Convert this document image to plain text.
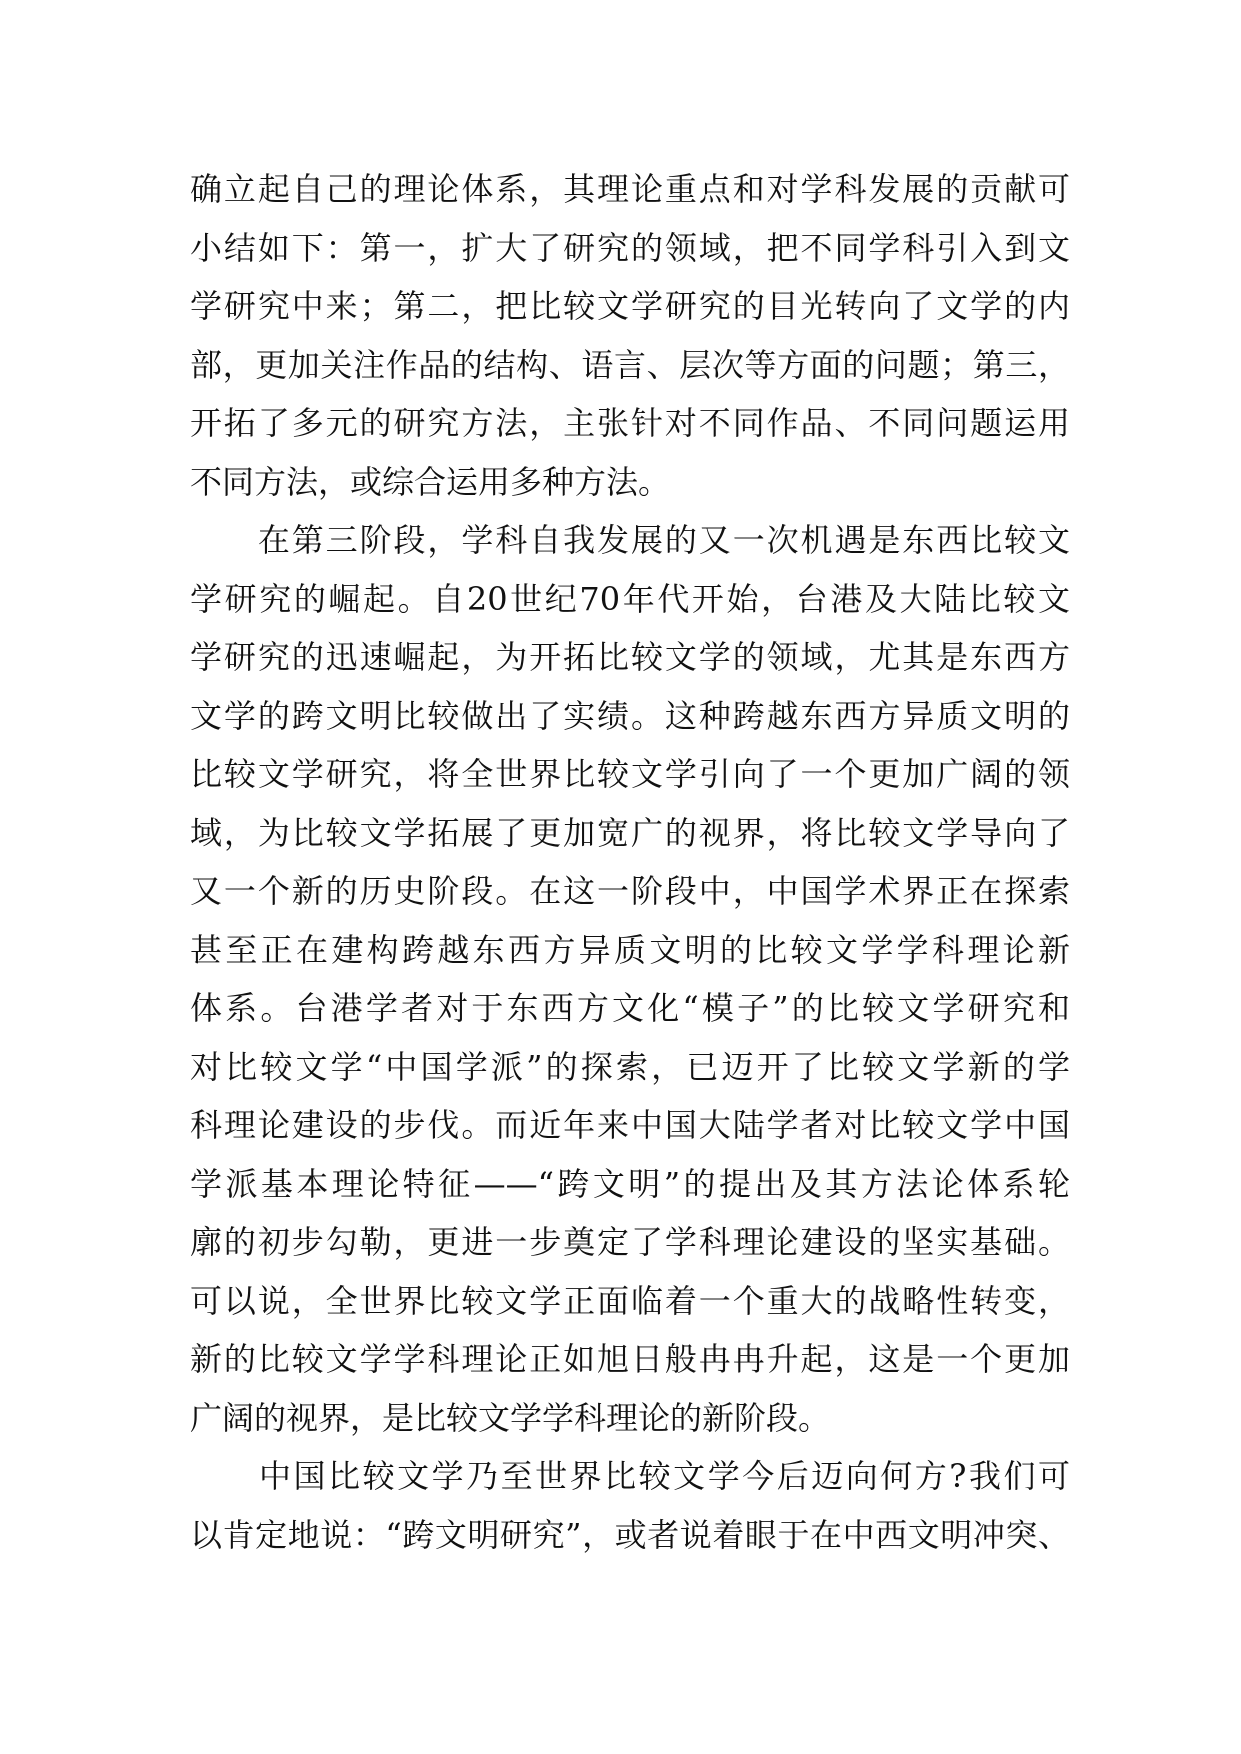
确立起自己的理论体系，其理论重点和对学科发展的贡献可
小结如下：第一，扩大了研究的领域，把不同学科引入到文
学研究中来；第二，把比较文学研究的目光转向了文学的内
部，更加关注作品的结构、语言、层次等方面的问题；第三，
开拓了多元的研究方法，主张针对不同作品、不同问题运用
不同方法，或综合运用多种方法。
　　在第三阶段，学科自我发展的又一次机遇是东西比较文
学研究的崛起。自20世纪70年代开始，台港及大陆比较文
学研究的迅速崛起，为开拓比较文学的领域，尤其是东西方
文学的跨文明比较做出了实绩。这种跨越东西方异质文明的
比较文学研究，将全世界比较文学引向了一个更加广阔的领
域，为比较文学拓展了更加宽广的视界，将比较文学导向了
又一个新的历史阶段。在这一阶段中，中国学术界正在探索
甚至正在建构跨越东西方异质文明的比较文学学科理论新
体系。台港学者对于东西方文化“模子”的比较文学研究和
对比较文学“中国学派”的探索，已迈开了比较文学新的学
科理论建设的步伐。而近年来中国大陆学者对比较文学中国
学派基本理论特征——“跨文明”的提出及其方法论体系轮
廓的初步勾勒，更进一步奠定了学科理论建设的坚实基础。
可以说，全世界比较文学正面临着一个重大的战略性转变，
新的比较文学学科理论正如旭日般冉冉升起，这是一个更加
广阔的视界，是比较文学学科理论的新阶段。
　　中国比较文学乃至世界比较文学今后迈向何方?我们可
以肯定地说：“跨文明研究”，或者说着眼于在中西文明冲突、
